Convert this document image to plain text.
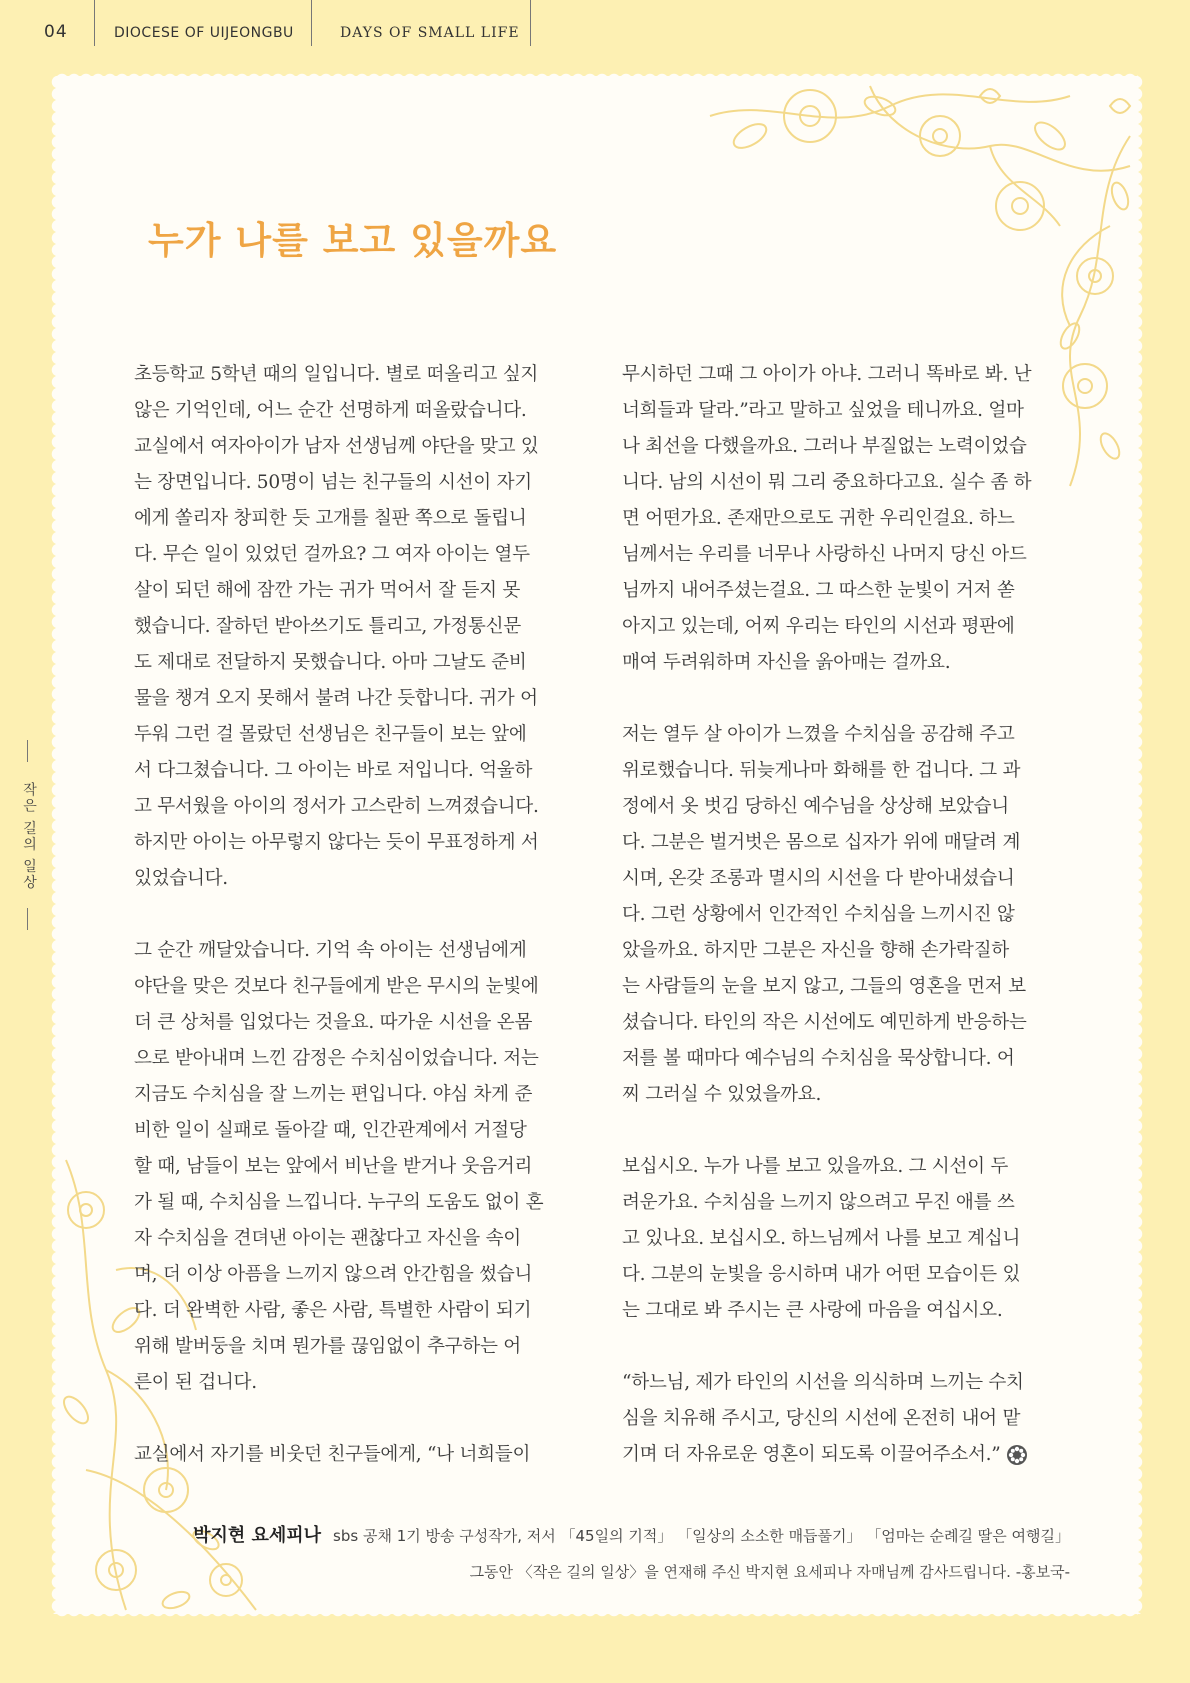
04	DIOCESE OF UIJEONGBU	DAYS OF SMALL LIFE
작은 길의 일상
누가 나를 보고 있을까요

초등학교 5학년 때의 일입니다. 별로 떠올리고 싶지
않은 기억인데, 어느 순간 선명하게 떠올랐습니다.
교실에서 여자아이가 남자 선생님께 야단을 맞고 있
는 장면입니다. 50명이 넘는 친구들의 시선이 자기
에게 쏠리자 창피한 듯 고개를 칠판 쪽으로 돌립니
다. 무슨 일이 있었던 걸까요? 그 여자 아이는 열두
살이 되던 해에 잠깐 가는 귀가 먹어서 잘 듣지 못
했습니다. 잘하던 받아쓰기도 틀리고, 가정통신문
도 제대로 전달하지 못했습니다. 아마 그날도 준비
물을 챙겨 오지 못해서 불려 나간 듯합니다. 귀가 어
두워 그런 걸 몰랐던 선생님은 친구들이 보는 앞에
서 다그쳤습니다. 그 아이는 바로 저입니다. 억울하
고 무서웠을 아이의 정서가 고스란히 느껴졌습니다.
하지만 아이는 아무렇지 않다는 듯이 무표정하게 서
있었습니다.

그 순간 깨달았습니다. 기억 속 아이는 선생님에게
야단을 맞은 것보다 친구들에게 받은 무시의 눈빛에
더 큰 상처를 입었다는 것을요. 따가운 시선을 온몸
으로 받아내며 느낀 감정은 수치심이었습니다. 저는
지금도 수치심을 잘 느끼는 편입니다. 야심 차게 준
비한 일이 실패로 돌아갈 때, 인간관계에서 거절당
할 때, 남들이 보는 앞에서 비난을 받거나 웃음거리
가 될 때, 수치심을 느낍니다. 누구의 도움도 없이 혼
자 수치심을 견뎌낸 아이는 괜찮다고 자신을 속이
며, 더 이상 아픔을 느끼지 않으려 안간힘을 썼습니
다. 더 완벽한 사람, 좋은 사람, 특별한 사람이 되기
위해 발버둥을 치며 뭔가를 끊임없이 추구하는 어
른이 된 겁니다.

교실에서 자기를 비웃던 친구들에게, “나 너희들이

무시하던 그때 그 아이가 아냐. 그러니 똑바로 봐. 난
너희들과 달라.”라고 말하고 싶었을 테니까요. 얼마
나 최선을 다했을까요. 그러나 부질없는 노력이었습
니다. 남의 시선이 뭐 그리 중요하다고요. 실수 좀 하
면 어떤가요. 존재만으로도 귀한 우리인걸요. 하느
님께서는 우리를 너무나 사랑하신 나머지 당신 아드
님까지 내어주셨는걸요. 그 따스한 눈빛이 거저 쏟
아지고 있는데, 어찌 우리는 타인의 시선과 평판에
매여 두려워하며 자신을 옭아매는 걸까요.

저는 열두 살 아이가 느꼈을 수치심을 공감해 주고
위로했습니다. 뒤늦게나마 화해를 한 겁니다. 그 과
정에서 옷 벗김 당하신 예수님을 상상해 보았습니
다. 그분은 벌거벗은 몸으로 십자가 위에 매달려 계
시며, 온갖 조롱과 멸시의 시선을 다 받아내셨습니
다. 그런 상황에서 인간적인 수치심을 느끼시진 않
았을까요. 하지만 그분은 자신을 향해 손가락질하
는 사람들의 눈을 보지 않고, 그들의 영혼을 먼저 보
셨습니다. 타인의 작은 시선에도 예민하게 반응하는
저를 볼 때마다 예수님의 수치심을 묵상합니다. 어
찌 그러실 수 있었을까요.

보십시오. 누가 나를 보고 있을까요. 그 시선이 두
려운가요. 수치심을 느끼지 않으려고 무진 애를 쓰
고 있나요. 보십시오. 하느님께서 나를 보고 계십니
다. 그분의 눈빛을 응시하며 내가 어떤 모습이든 있
는 그대로 봐 주시는 큰 사랑에 마음을 여십시오.

“하느님, 제가 타인의 시선을 의식하며 느끼는 수치
심을 치유해 주시고, 당신의 시선에 온전히 내어 맡
기며 더 자유로운 영혼이 되도록 이끌어주소서.”

박지현 요세피나 sbs 공채 1기 방송 구성작가, 저서 「45일의 기적」 「일상의 소소한 매듭풀기」 「엄마는 순례길 딸은 여행길」
그동안 〈작은 길의 일상〉을 연재해 주신 박지현 요세피나 자매님께 감사드립니다. -홍보국-
